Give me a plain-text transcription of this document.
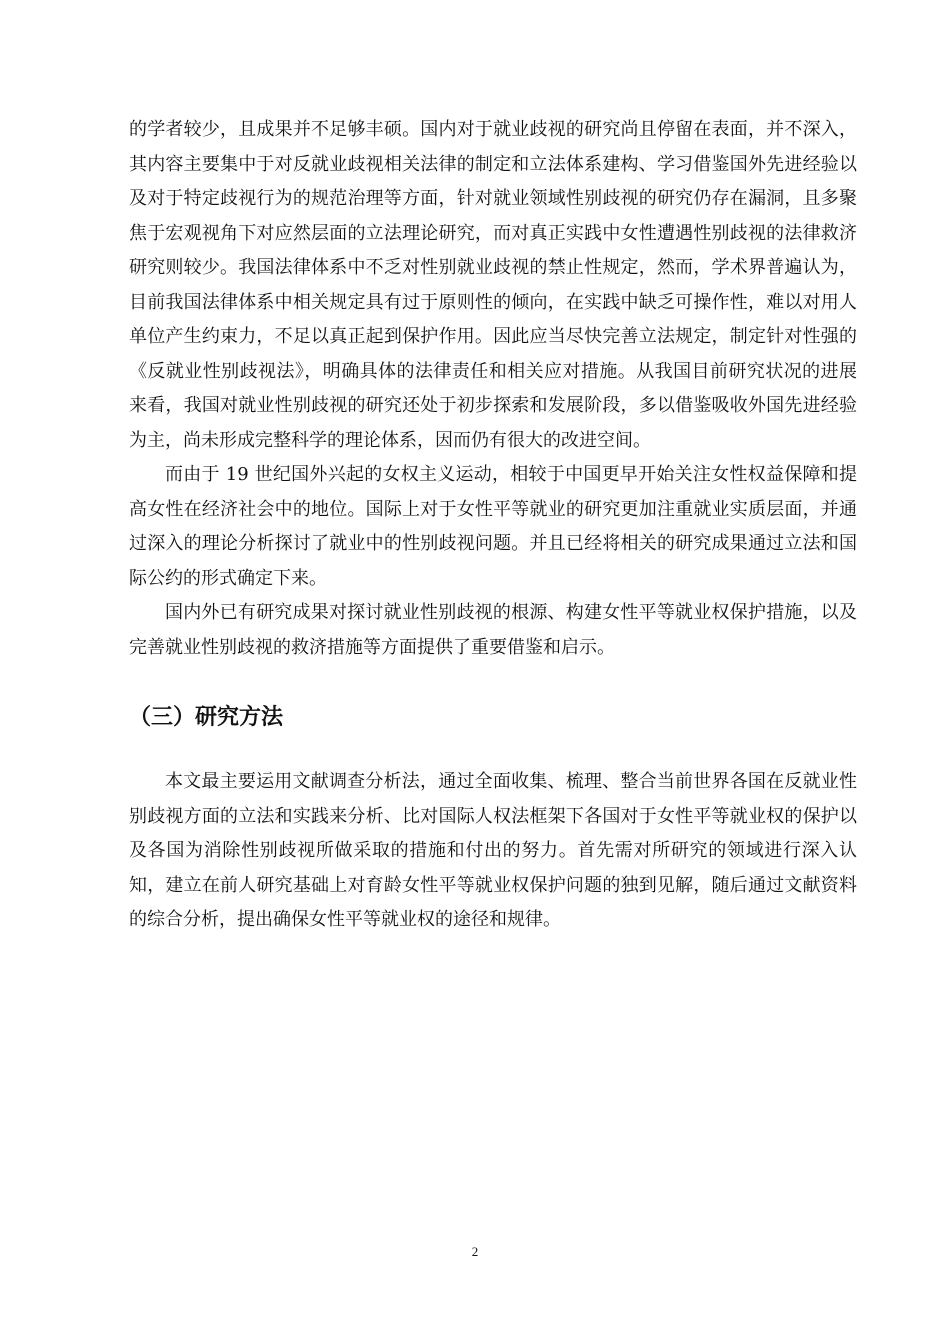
的学者较少，且成果并不足够丰硕。国内对于就业歧视的研究尚且停留在表面，并不深入，其内容主要集中于对反就业歧视相关法律的制定和立法体系建构、学习借鉴国外先进经验以及对于特定歧视行为的规范治理等方面，针对就业领域性别歧视的研究仍存在漏洞，且多聚焦于宏观视角下对应然层面的立法理论研究，而对真正实践中女性遭遇性别歧视的法律救济研究则较少。我国法律体系中不乏对性别就业歧视的禁止性规定，然而，学术界普遍认为，目前我国法律体系中相关规定具有过于原则性的倾向，在实践中缺乏可操作性，难以对用人单位产生约束力，不足以真正起到保护作用。因此应当尽快完善立法规定，制定针对性强的《反就业性别歧视法》，明确具体的法律责任和相关应对措施。从我国目前研究状况的进展来看，我国对就业性别歧视的研究还处于初步探索和发展阶段，多以借鉴吸收外国先进经验为主，尚未形成完整科学的理论体系，因而仍有很大的改进空间。

而由于 19 世纪国外兴起的女权主义运动，相较于中国更早开始关注女性权益保障和提高女性在经济社会中的地位。国际上对于女性平等就业的研究更加注重就业实质层面，并通过深入的理论分析探讨了就业中的性别歧视问题。并且已经将相关的研究成果通过立法和国际公约的形式确定下来。

国内外已有研究成果对探讨就业性别歧视的根源、构建女性平等就业权保护措施，以及完善就业性别歧视的救济措施等方面提供了重要借鉴和启示。

（三）研究方法

本文最主要运用文献调查分析法，通过全面收集、梳理、整合当前世界各国在反就业性别歧视方面的立法和实践来分析、比对国际人权法框架下各国对于女性平等就业权的保护以及各国为消除性别歧视所做采取的措施和付出的努力。首先需对所研究的领域进行深入认知，建立在前人研究基础上对育龄女性平等就业权保护问题的独到见解，随后通过文献资料的综合分析，提出确保女性平等就业权的途径和规律。

2
